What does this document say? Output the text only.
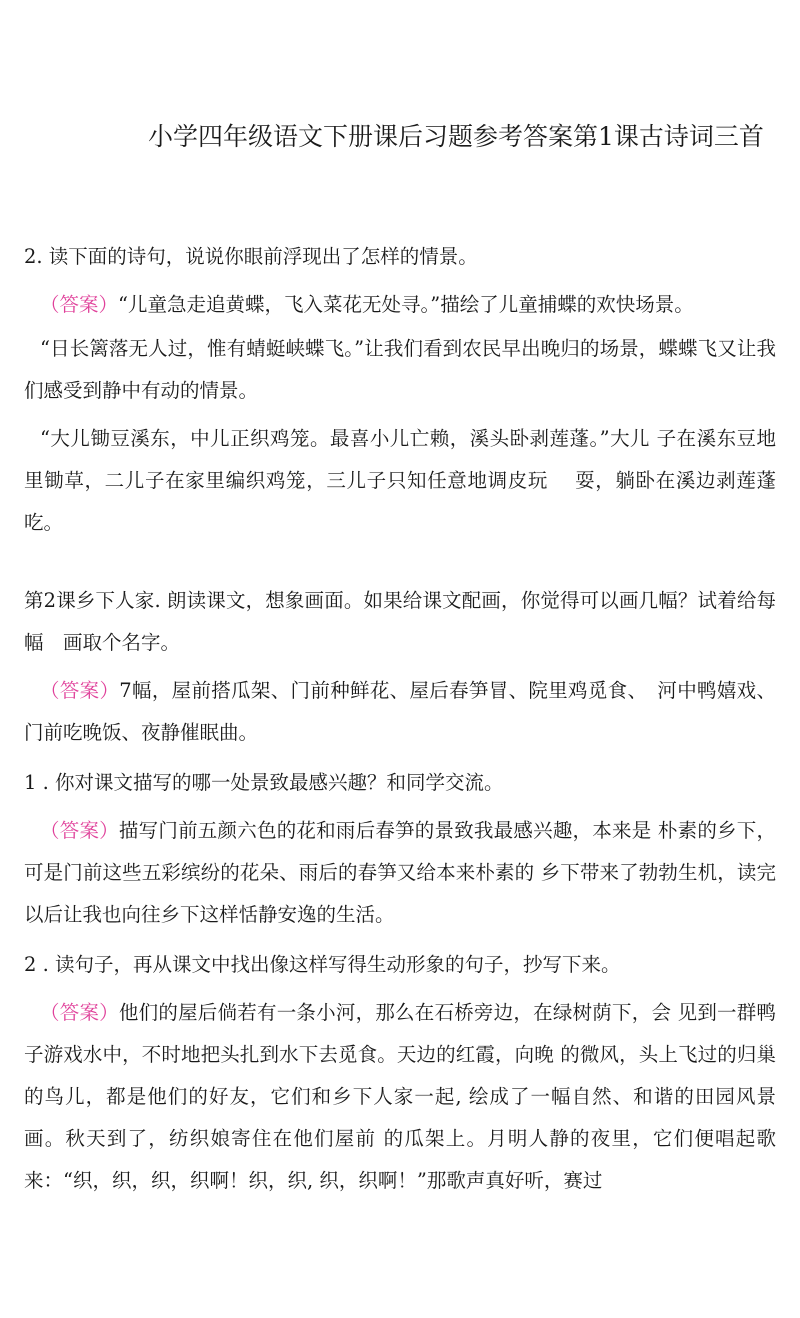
小学四年级语文下册课后习题参考答案第1课古诗词三首

2. 读下面的诗句，说说你眼前浮现出了怎样的情景。

（答案）“儿童急走追黄蝶，飞入菜花无处寻。”描绘了儿童捕蝶的欢快场景。

“日长篱落无人过，惟有蜻蜓峡蝶飞。”让我们看到农民早出晚归的场景，蝶蝶飞又让我们感受到静中有动的情景。

“大儿锄豆溪东，中儿正织鸡笼。最喜小儿亡赖，溪头卧剥莲蓬。”大儿 子在溪东豆地里锄草，二儿子在家里编织鸡笼，三儿子只知任意地调皮玩　 耍，躺卧在溪边剥莲蓬吃。

第2课乡下人家. 朗读课文，想象画面。如果给课文配画，你觉得可以画几幅？试着给每幅　画取个名字。

（答案）7幅，屋前搭瓜架、门前种鲜花、屋后春笋冒、院里鸡觅食、　河中鸭嬉戏、门前吃晚饭、夜静催眠曲。

1 . 你对课文描写的哪一处景致最感兴趣？和同学交流。

（答案）描写门前五颜六色的花和雨后春笋的景致我最感兴趣，本来是 朴素的乡下，可是门前这些五彩缤纷的花朵、雨后的春笋又给本来朴素的 乡下带来了勃勃生机，读完以后让我也向往乡下这样恬静安逸的生活。

2 . 读句子，再从课文中找出像这样写得生动形象的句子，抄写下来。

（答案）他们的屋后倘若有一条小河，那么在石桥旁边，在绿树荫下，会 见到一群鸭子游戏水中，不时地把头扎到水下去觅食。天边的红霞，向晚 的微风，头上飞过的归巢的鸟儿，都是他们的好友，它们和乡下人家一起, 绘成了一幅自然、和谐的田园风景画。秋天到了，纺织娘寄住在他们屋前 的瓜架上。月明人静的夜里，它们便唱起歌来：“织，织，织，织啊！织，织, 织，织啊！”那歌声真好听，赛过
